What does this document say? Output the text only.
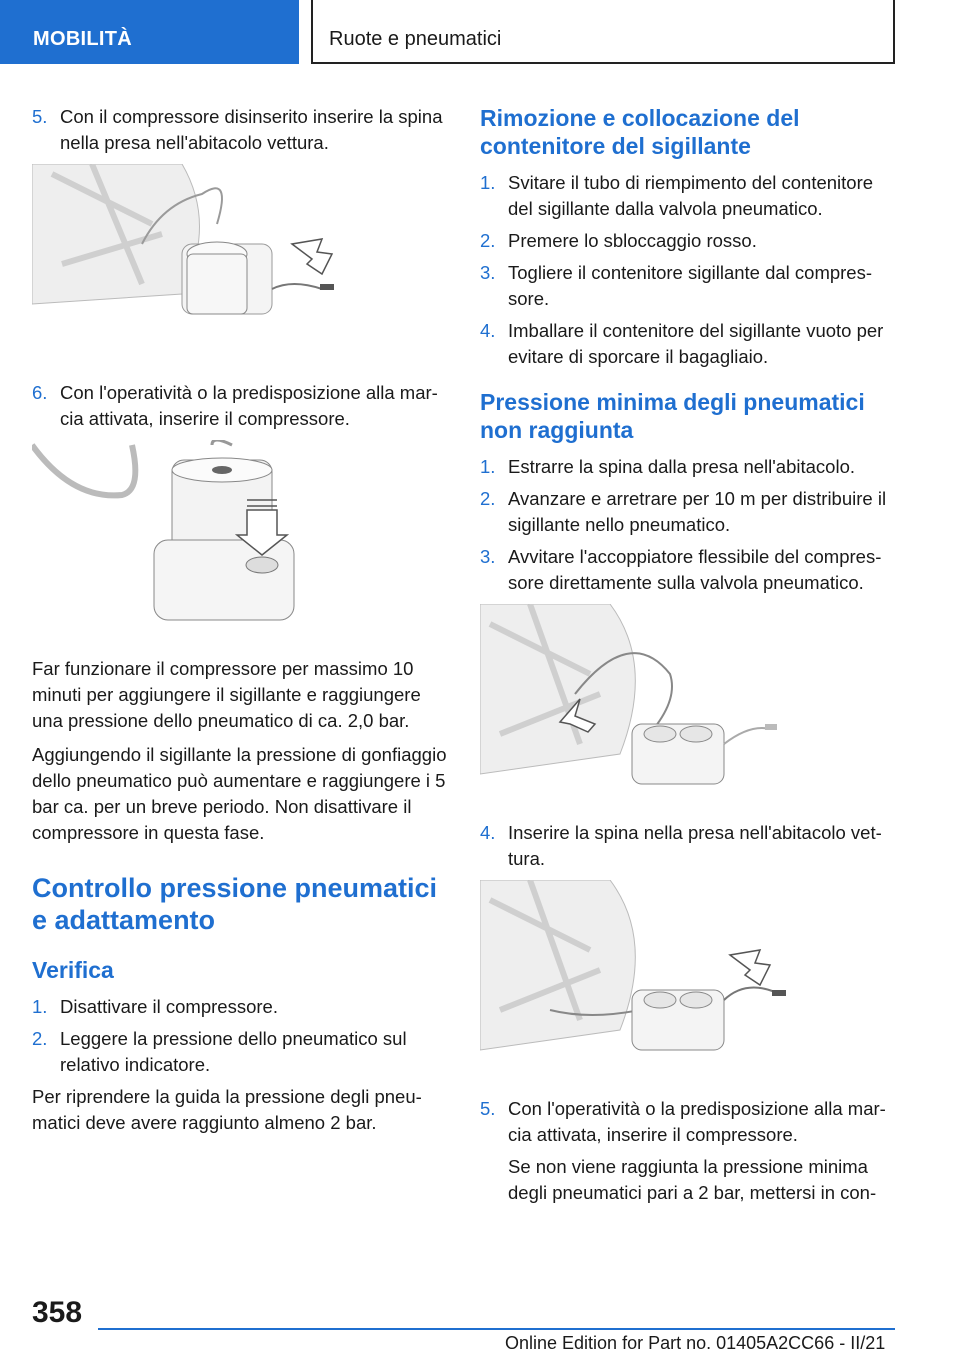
MOBILITÀ	Ruote e pneumatici
5. Con il compressore disinserito inserire la spina nella presa nell'abitacolo vettura.
6. Con l'operatività o la predisposizione alla marcia attivata, inserire il compressore.
Far funzionare il compressore per massimo 10 minuti per aggiungere il sigillante e raggiungere una pressione dello pneumatico di ca. 2,0 bar.
Aggiungendo il sigillante la pressione di gonfiaggio dello pneumatico può aumentare e raggiungere i 5 bar ca. per un breve periodo. Non disattivare il compressore in questa fase.
Controllo pressione pneumatici e adattamento
Verifica
1. Disattivare il compressore.
2. Leggere la pressione dello pneumatico sul relativo indicatore.
Per riprendere la guida la pressione degli pneumatici deve avere raggiunto almeno 2 bar.
Rimozione e collocazione del contenitore del sigillante
1. Svitare il tubo di riempimento del contenitore del sigillante dalla valvola pneumatico.
2. Premere lo sbloccaggio rosso.
3. Togliere il contenitore sigillante dal compressore.
4. Imballare il contenitore del sigillante vuoto per evitare di sporcare il bagagliaio.
Pressione minima degli pneumatici non raggiunta
1. Estrarre la spina dalla presa nell'abitacolo.
2. Avanzare e arretrare per 10 m per distribuire il sigillante nello pneumatico.
3. Avvitare l'accoppiatore flessibile del compressore direttamente sulla valvola pneumatico.
4. Inserire la spina nella presa nell'abitacolo vettura.
5. Con l'operatività o la predisposizione alla marcia attivata, inserire il compressore.
Se non viene raggiunta la pressione minima degli pneumatici pari a 2 bar, mettersi in con-
358
Online Edition for Part no. 01405A2CC66 - II/21
